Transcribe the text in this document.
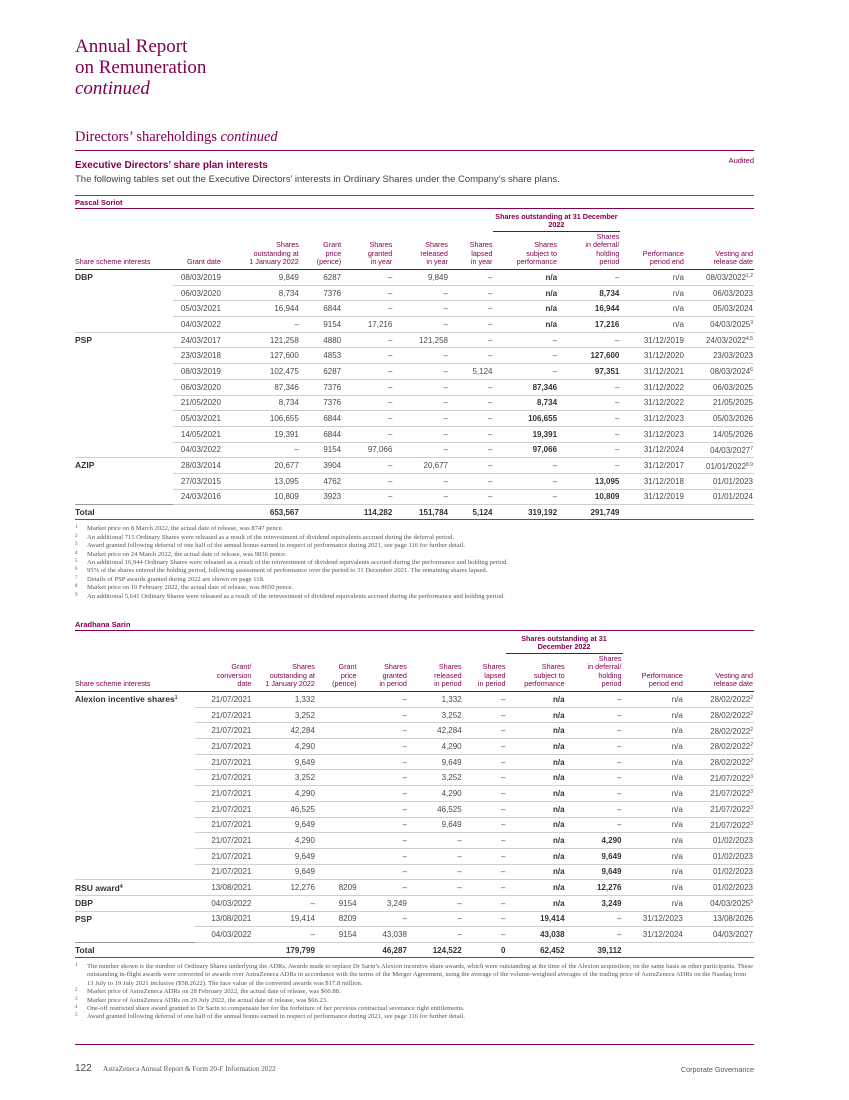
Annual Report
on Remuneration
continued
Directors’ shareholdings continued
Executive Directors’ share plan interests	Audited
The following tables set out the Executive Directors’ interests in Ordinary Shares under the Company’s share plans.
Pascal Soriot
							Shares outstanding at 31 December 2022			
Share scheme interests	Grant date	Shares
outstanding at
1 January 2022	Grant
price
(pence)	Shares
granted
in year	Shares
released
in year	Shares
lapsed
in year	Shares
subject to
performance	Shares
in deferral/
holding
period	Performance
period end	Vesting and
release date
DBP	08/03/2019	9,849	6287	–	9,849	–	n/a	–	n/a	08/03/2022$^{1,2}$
	06/03/2020	8,734	7376	–	–	–	n/a	8,734	n/a	06/03/2023
	05/03/2021	16,944	6844	–	–	–	n/a	16,944	n/a	05/03/2024
	04/03/2022	–	9154	17,216	–	–	n/a	17,216	n/a	04/03/2025$^3$
PSP	24/03/2017	121,258	4880	–	121,258	–	–	–	31/12/2019	24/03/2022$^{4,5}$
	23/03/2018	127,600	4853	–	–	–	–	127,600	31/12/2020	23/03/2023
	08/03/2019	102,475	6287	–	–	5,124	–	97,351	31/12/2021	08/03/2024$^6$
	06/03/2020	87,346	7376	–	–	–	87,346	–	31/12/2022	06/03/2025
	21/05/2020	8,734	7376	–	–	–	8,734	–	31/12/2022	21/05/2025
	05/03/2021	106,655	6844	–	–	–	106,655	–	31/12/2023	05/03/2026
	14/05/2021	19,391	6844	–	–	–	19,391	–	31/12/2023	14/05/2026
	04/03/2022	–	9154	97,066	–	–	97,066	–	31/12/2024	04/03/2027$^7$
AZIP	28/03/2014	20,677	3904	–	20,677	–	–	–	31/12/2017	01/01/2022$^{8,9}$
	27/03/2015	13,095	4762	–	–	–	–	13,095	31/12/2018	01/01/2023
	24/03/2016	10,809	3923	–	–	–	–	10,809	31/12/2019	01/01/2024
Total		653,567		114,282	151,784	5,124	319,192	291,749		
1	Market price on 8 March 2022, the actual date of release, was 8747 pence.
2	An additional 715 Ordinary Shares were released as a result of the reinvestment of dividend equivalents accrued during the deferral period.
3	Award granted following deferral of one half of the annual bonus earned in respect of performance during 2021, see page 116 for further detail.
4	Market price on 24 March 2022, the actual date of release, was 9836 pence.
5	An additional 16,944 Ordinary Shares were released as a result of the reinvestment of dividend equivalents accrued during the performance and holding period.
6	95% of the shares entered the holding period, following assessment of performance over the period to 31 December 2021. The remaining shares lapsed.
7	Details of PSP awards granted during 2022 are shown on page 118.
8	Market price on 10 February 2022, the actual date of release, was 8650 pence.
9	An additional 5,641 Ordinary Shares were released as a result of the reinvestment of dividend equivalents accrued during the performance and holding period.
Aradhana Sarin
							Shares outstanding at 31 December 2022			
Share scheme interests	Grant/
conversion
date	Shares
outstanding at
1 January 2022	Grant
price
(pence)	Shares
granted
in period	Shares
released
in period	Shares
lapsed
in period	Shares
subject to
performance	Shares
in deferral/
holding
period	Performance
period end	Vesting and
release date
Alexion incentive shares$^1$	21/07/2021	1,332		–	1,332	–	n/a	–	n/a	28/02/2022$^2$
	21/07/2021	3,252		–	3,252	–	n/a	–	n/a	28/02/2022$^2$
	21/07/2021	42,284		–	42,284	–	n/a	–	n/a	28/02/2022$^2$
	21/07/2021	4,290		–	4,290	–	n/a	–	n/a	28/02/2022$^2$
	21/07/2021	9,649		–	9,649	–	n/a	–	n/a	28/02/2022$^2$
	21/07/2021	3,252		–	3,252	–	n/a	–	n/a	21/07/2022$^3$
	21/07/2021	4,290		–	4,290	–	n/a	–	n/a	21/07/2022$^3$
	21/07/2021	46,525		–	46,525	–	n/a	–	n/a	21/07/2022$^3$
	21/07/2021	9,649		–	9,649	–	n/a	–	n/a	21/07/2022$^3$
	21/07/2021	4,290		–	–	–	n/a	4,290	n/a	01/02/2023
	21/07/2021	9,649		–	–	–	n/a	9,649	n/a	01/02/2023
	21/07/2021	9,649		–	–	–	n/a	9,649	n/a	01/02/2023
RSU award$^4$	13/08/2021	12,276	8209	–	–	–	n/a	12,276	n/a	01/02/2023
DBP	04/03/2022	–	9154	3,249	–	–	n/a	3,249	n/a	04/03/2025$^5$
PSP	13/08/2021	19,414	8209	–	–	–	19,414	–	31/12/2023	13/08/2026
	04/03/2022	–	9154	43,038	–	–	43,038	–	31/12/2024	04/03/2027
Total		179,799		46,287	124,522	0	62,452	39,112		
1	The number shown is the number of Ordinary Shares underlying the ADRs. Awards made to replace Dr Sarin’s Alexion incentive share awards, which were outstanding at the time of the Alexion acquisition, on the same basis as other participants. These outstanding in-flight awards were converted to awards over AstraZeneca ADRs in accordance with the terms of the Merger Agreement, using the average of the volume-weighted averages of the trading price of AstraZeneca ADRs on the Nasdaq from 13 July to 19 July 2021 inclusive ($58.2622). The face value of the converted awards was $17.8 million.
2	Market price of AstraZeneca ADRs on 28 February 2022, the actual date of release, was $60.88.
3	Market price of AstraZeneca ADRs on 29 July 2022, the actual date of release, was $66.23.
4	One-off restricted share award granted to Dr Sarin to compensate her for the forfeiture of her previous contractual severance right entitlements.
5	Award granted following deferral of one half of the annual bonus earned in respect of performance during 2021, see page 116 for further detail.
122 AstraZeneca Annual Report & Form 20-F Information 2022	Corporate Governance
